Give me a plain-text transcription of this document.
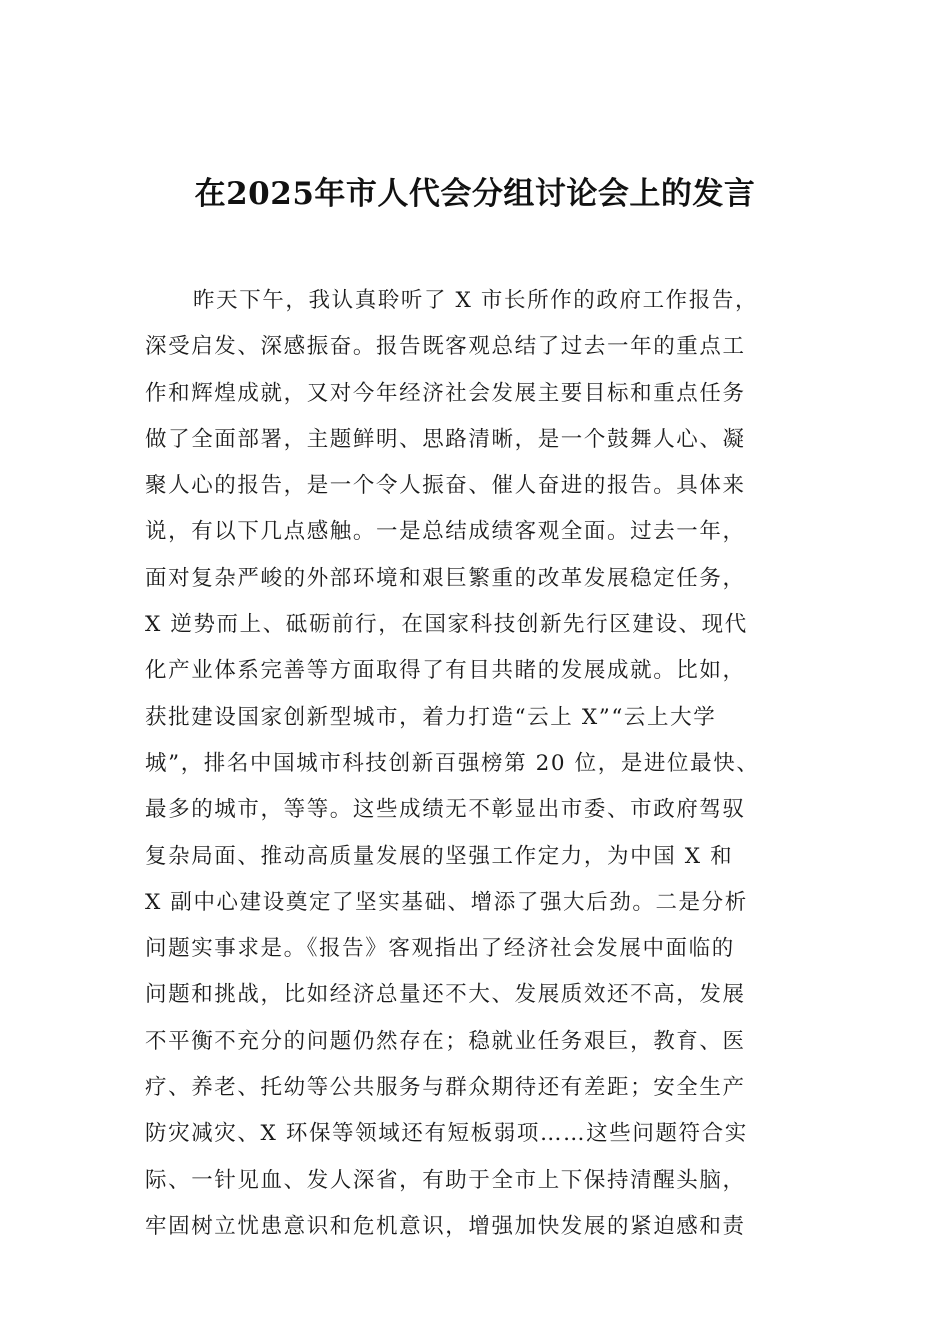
在2025年市人代会分组讨论会上的发言
昨天下午，我认真聆听了 X 市长所作的政府工作报告，
深受启发、深感振奋。报告既客观总结了过去一年的重点工
作和辉煌成就，又对今年经济社会发展主要目标和重点任务
做了全面部署，主题鲜明、思路清晰，是一个鼓舞人心、凝
聚人心的报告，是一个令人振奋、催人奋进的报告。具体来
说，有以下几点感触。一是总结成绩客观全面。过去一年，
面对复杂严峻的外部环境和艰巨繁重的改革发展稳定任务，
X 逆势而上、砥砺前行，在国家科技创新先行区建设、现代
化产业体系完善等方面取得了有目共睹的发展成就。比如，
获批建设国家创新型城市，着力打造“云上 X”“云上大学
城”，排名中国城市科技创新百强榜第 20 位，是进位最快、
最多的城市，等等。这些成绩无不彰显出市委、市政府驾驭
复杂局面、推动高质量发展的坚强工作定力，为中国 X 和
X 副中心建设奠定了坚实基础、增添了强大后劲。二是分析
问题实事求是。《报告》客观指出了经济社会发展中面临的
问题和挑战，比如经济总量还不大、发展质效还不高，发展
不平衡不充分的问题仍然存在；稳就业任务艰巨，教育、医
疗、养老、托幼等公共服务与群众期待还有差距；安全生产
防灾减灾、X 环保等领域还有短板弱项……这些问题符合实
际、一针见血、发人深省，有助于全市上下保持清醒头脑，
牢固树立忧患意识和危机意识，增强加快发展的紧迫感和责
